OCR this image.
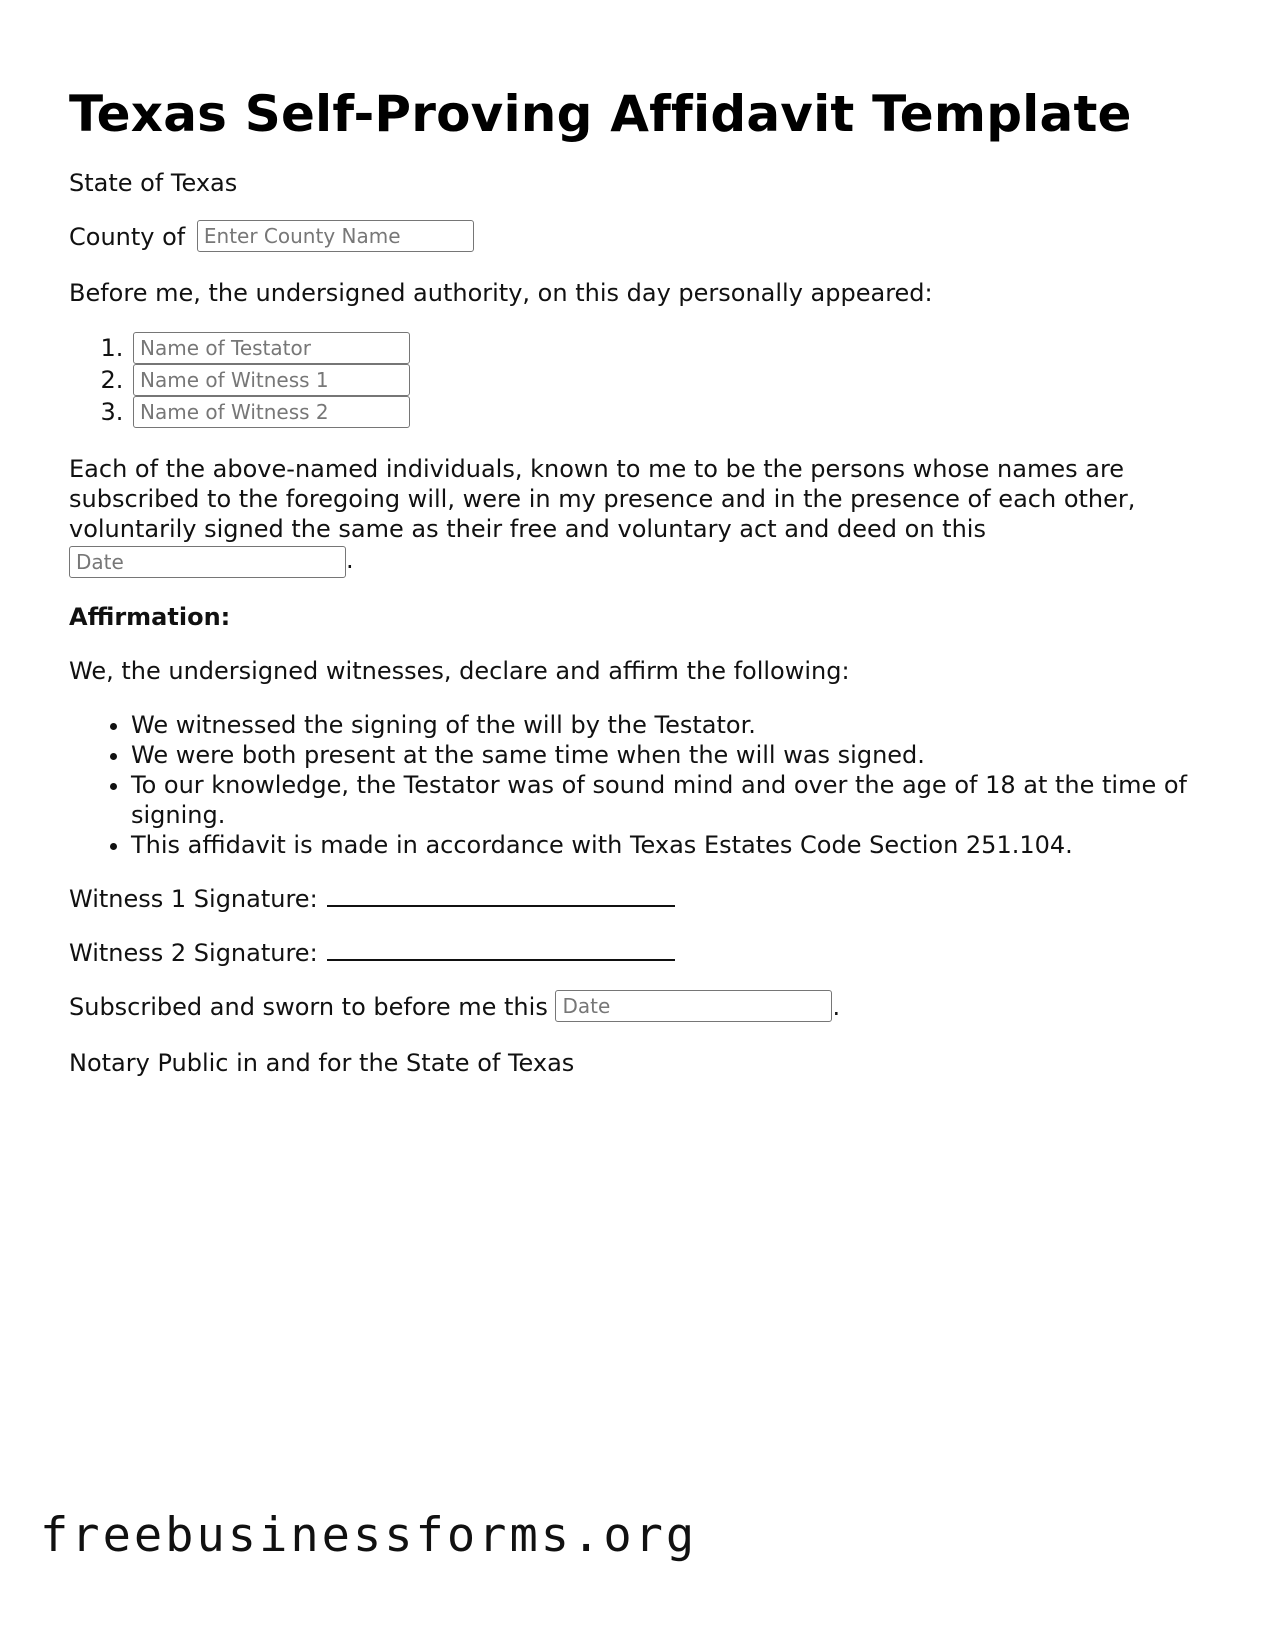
Texas Self-Proving Affidavit Template

State of Texas

County of Enter County Name

Before me, the undersigned authority, on this day personally appeared:

1. Name of Testator
2. Name of Witness 1
3. Name of Witness 2

Each of the above-named individuals, known to me to be the persons whose names are subscribed to the foregoing will, were in my presence and in the presence of each other, voluntarily signed the same as their free and voluntary act and deed on this
Date.

Affirmation:

We, the undersigned witnesses, declare and affirm the following:

• We witnessed the signing of the will by the Testator.
• We were both present at the same time when the will was signed.
• To our knowledge, the Testator was of sound mind and over the age of 18 at the time of signing.
• This affidavit is made in accordance with Texas Estates Code Section 251.104.

Witness 1 Signature:

Witness 2 Signature:

Subscribed and sworn to before me this Date	.

Notary Public in and for the State of Texas

freebusinessforms.org
